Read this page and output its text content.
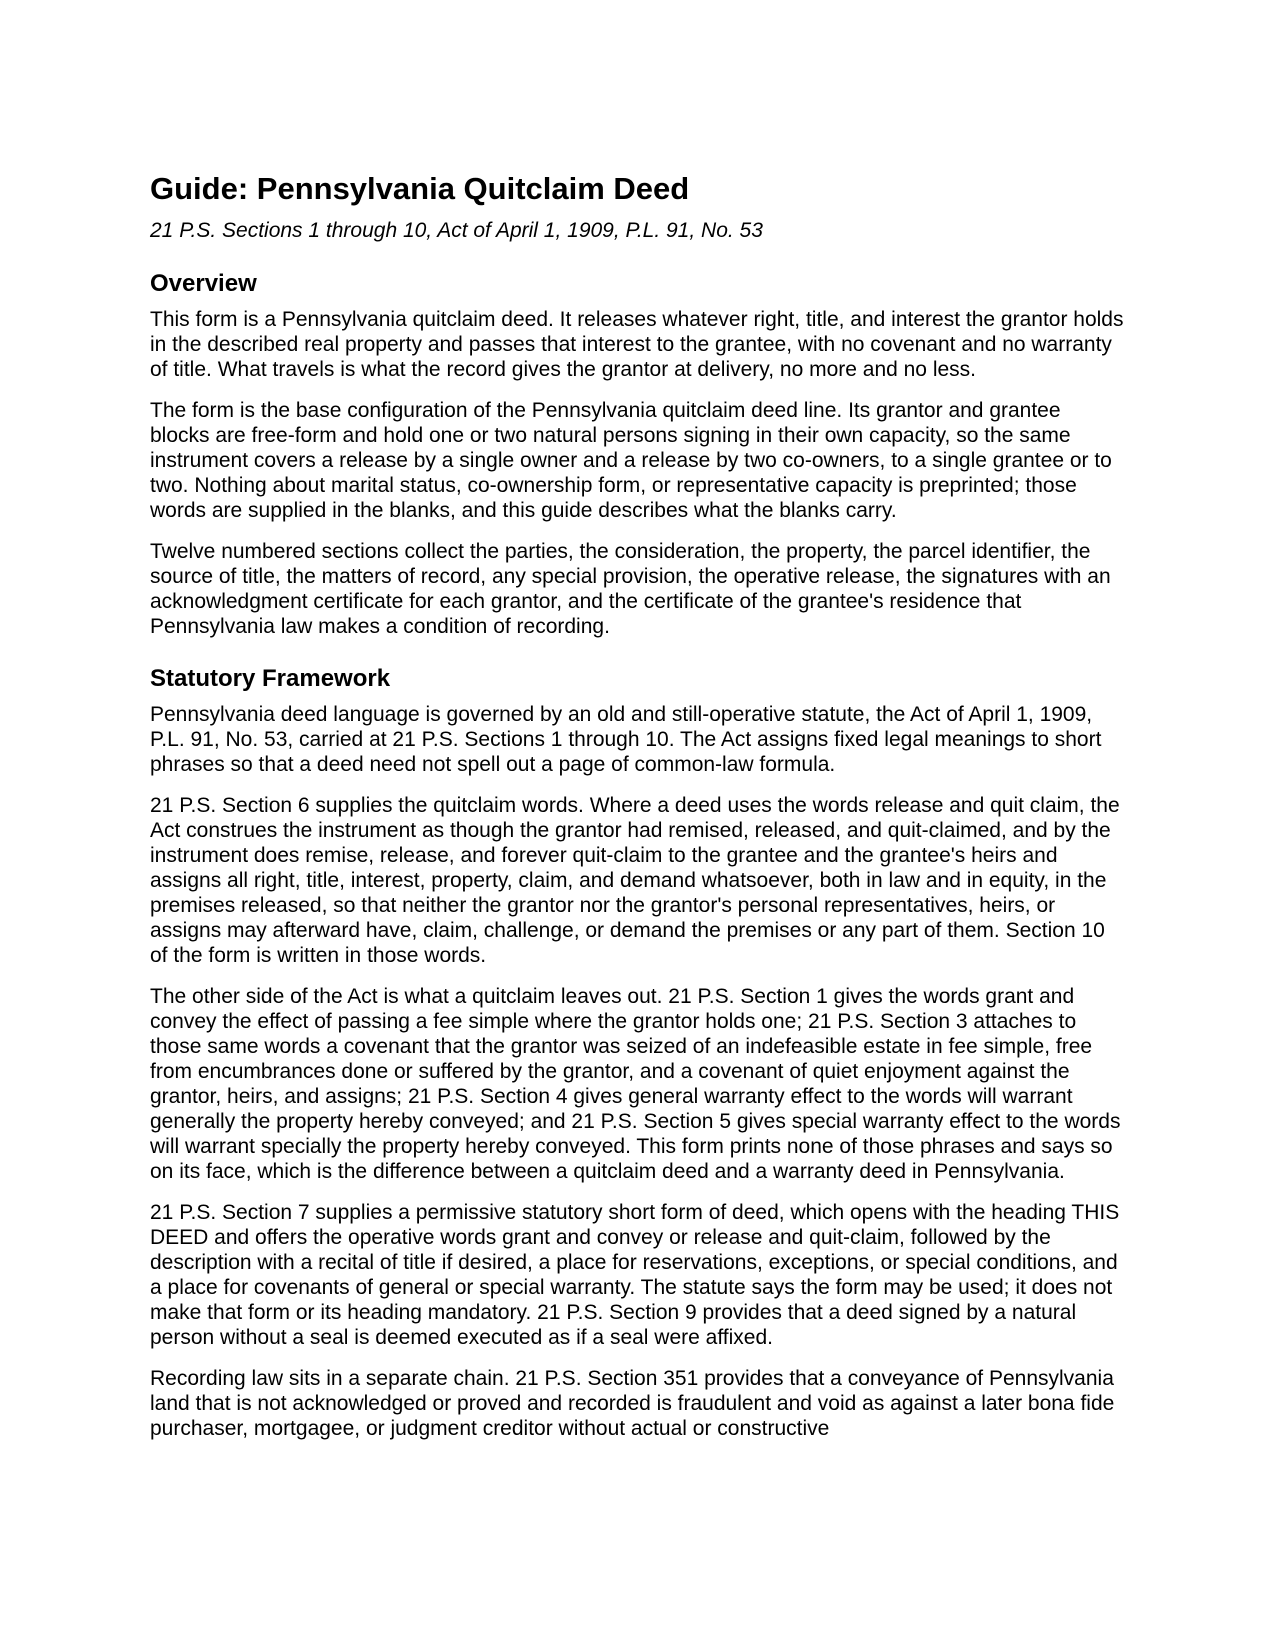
Guide: Pennsylvania Quitclaim Deed
21 P.S. Sections 1 through 10, Act of April 1, 1909, P.L. 91, No. 53
Overview

This form is a Pennsylvania quitclaim deed. It releases whatever right, title, and interest the grantor holds in the described real property and passes that interest to the grantee, with no covenant and no warranty of title. What travels is what the record gives the grantor at delivery, no more and no less.

The form is the base configuration of the Pennsylvania quitclaim deed line. Its grantor and grantee blocks are free-form and hold one or two natural persons signing in their own capacity, so the same instrument covers a release by a single owner and a release by two co-owners, to a single grantee or to two. Nothing about marital status, co-ownership form, or representative capacity is preprinted; those words are supplied in the blanks, and this guide describes what the blanks carry.

Twelve numbered sections collect the parties, the consideration, the property, the parcel identifier, the source of title, the matters of record, any special provision, the operative release, the signatures with an acknowledgment certificate for each grantor, and the certificate of the grantee's residence that Pennsylvania law makes a condition of recording.

Statutory Framework

Pennsylvania deed language is governed by an old and still-operative statute, the Act of April 1, 1909, P.L. 91, No. 53, carried at 21 P.S. Sections 1 through 10. The Act assigns fixed legal meanings to short phrases so that a deed need not spell out a page of common-law formula.

21 P.S. Section 6 supplies the quitclaim words. Where a deed uses the words release and quit claim, the Act construes the instrument as though the grantor had remised, released, and quit-claimed, and by the instrument does remise, release, and forever quit-claim to the grantee and the grantee's heirs and assigns all right, title, interest, property, claim, and demand whatsoever, both in law and in equity, in the premises released, so that neither the grantor nor the grantor's personal representatives, heirs, or assigns may afterward have, claim, challenge, or demand the premises or any part of them. Section 10 of the form is written in those words.

The other side of the Act is what a quitclaim leaves out. 21 P.S. Section 1 gives the words grant and convey the effect of passing a fee simple where the grantor holds one; 21 P.S. Section 3 attaches to those same words a covenant that the grantor was seized of an indefeasible estate in fee simple, free from encumbrances done or suffered by the grantor, and a covenant of quiet enjoyment against the grantor, heirs, and assigns; 21 P.S. Section 4 gives general warranty effect to the words will warrant generally the property hereby conveyed; and 21 P.S. Section 5 gives special warranty effect to the words will warrant specially the property hereby conveyed. This form prints none of those phrases and says so on its face, which is the difference between a quitclaim deed and a warranty deed in Pennsylvania.

21 P.S. Section 7 supplies a permissive statutory short form of deed, which opens with the heading THIS DEED and offers the operative words grant and convey or release and quit-claim, followed by the description with a recital of title if desired, a place for reservations, exceptions, or special conditions, and a place for covenants of general or special warranty. The statute says the form may be used; it does not make that form or its heading mandatory. 21 P.S. Section 9 provides that a deed signed by a natural person without a seal is deemed executed as if a seal were affixed.

Recording law sits in a separate chain. 21 P.S. Section 351 provides that a conveyance of Pennsylvania land that is not acknowledged or proved and recorded is fraudulent and void as against a later bona fide purchaser, mortgagee, or judgment creditor without actual or constructive
